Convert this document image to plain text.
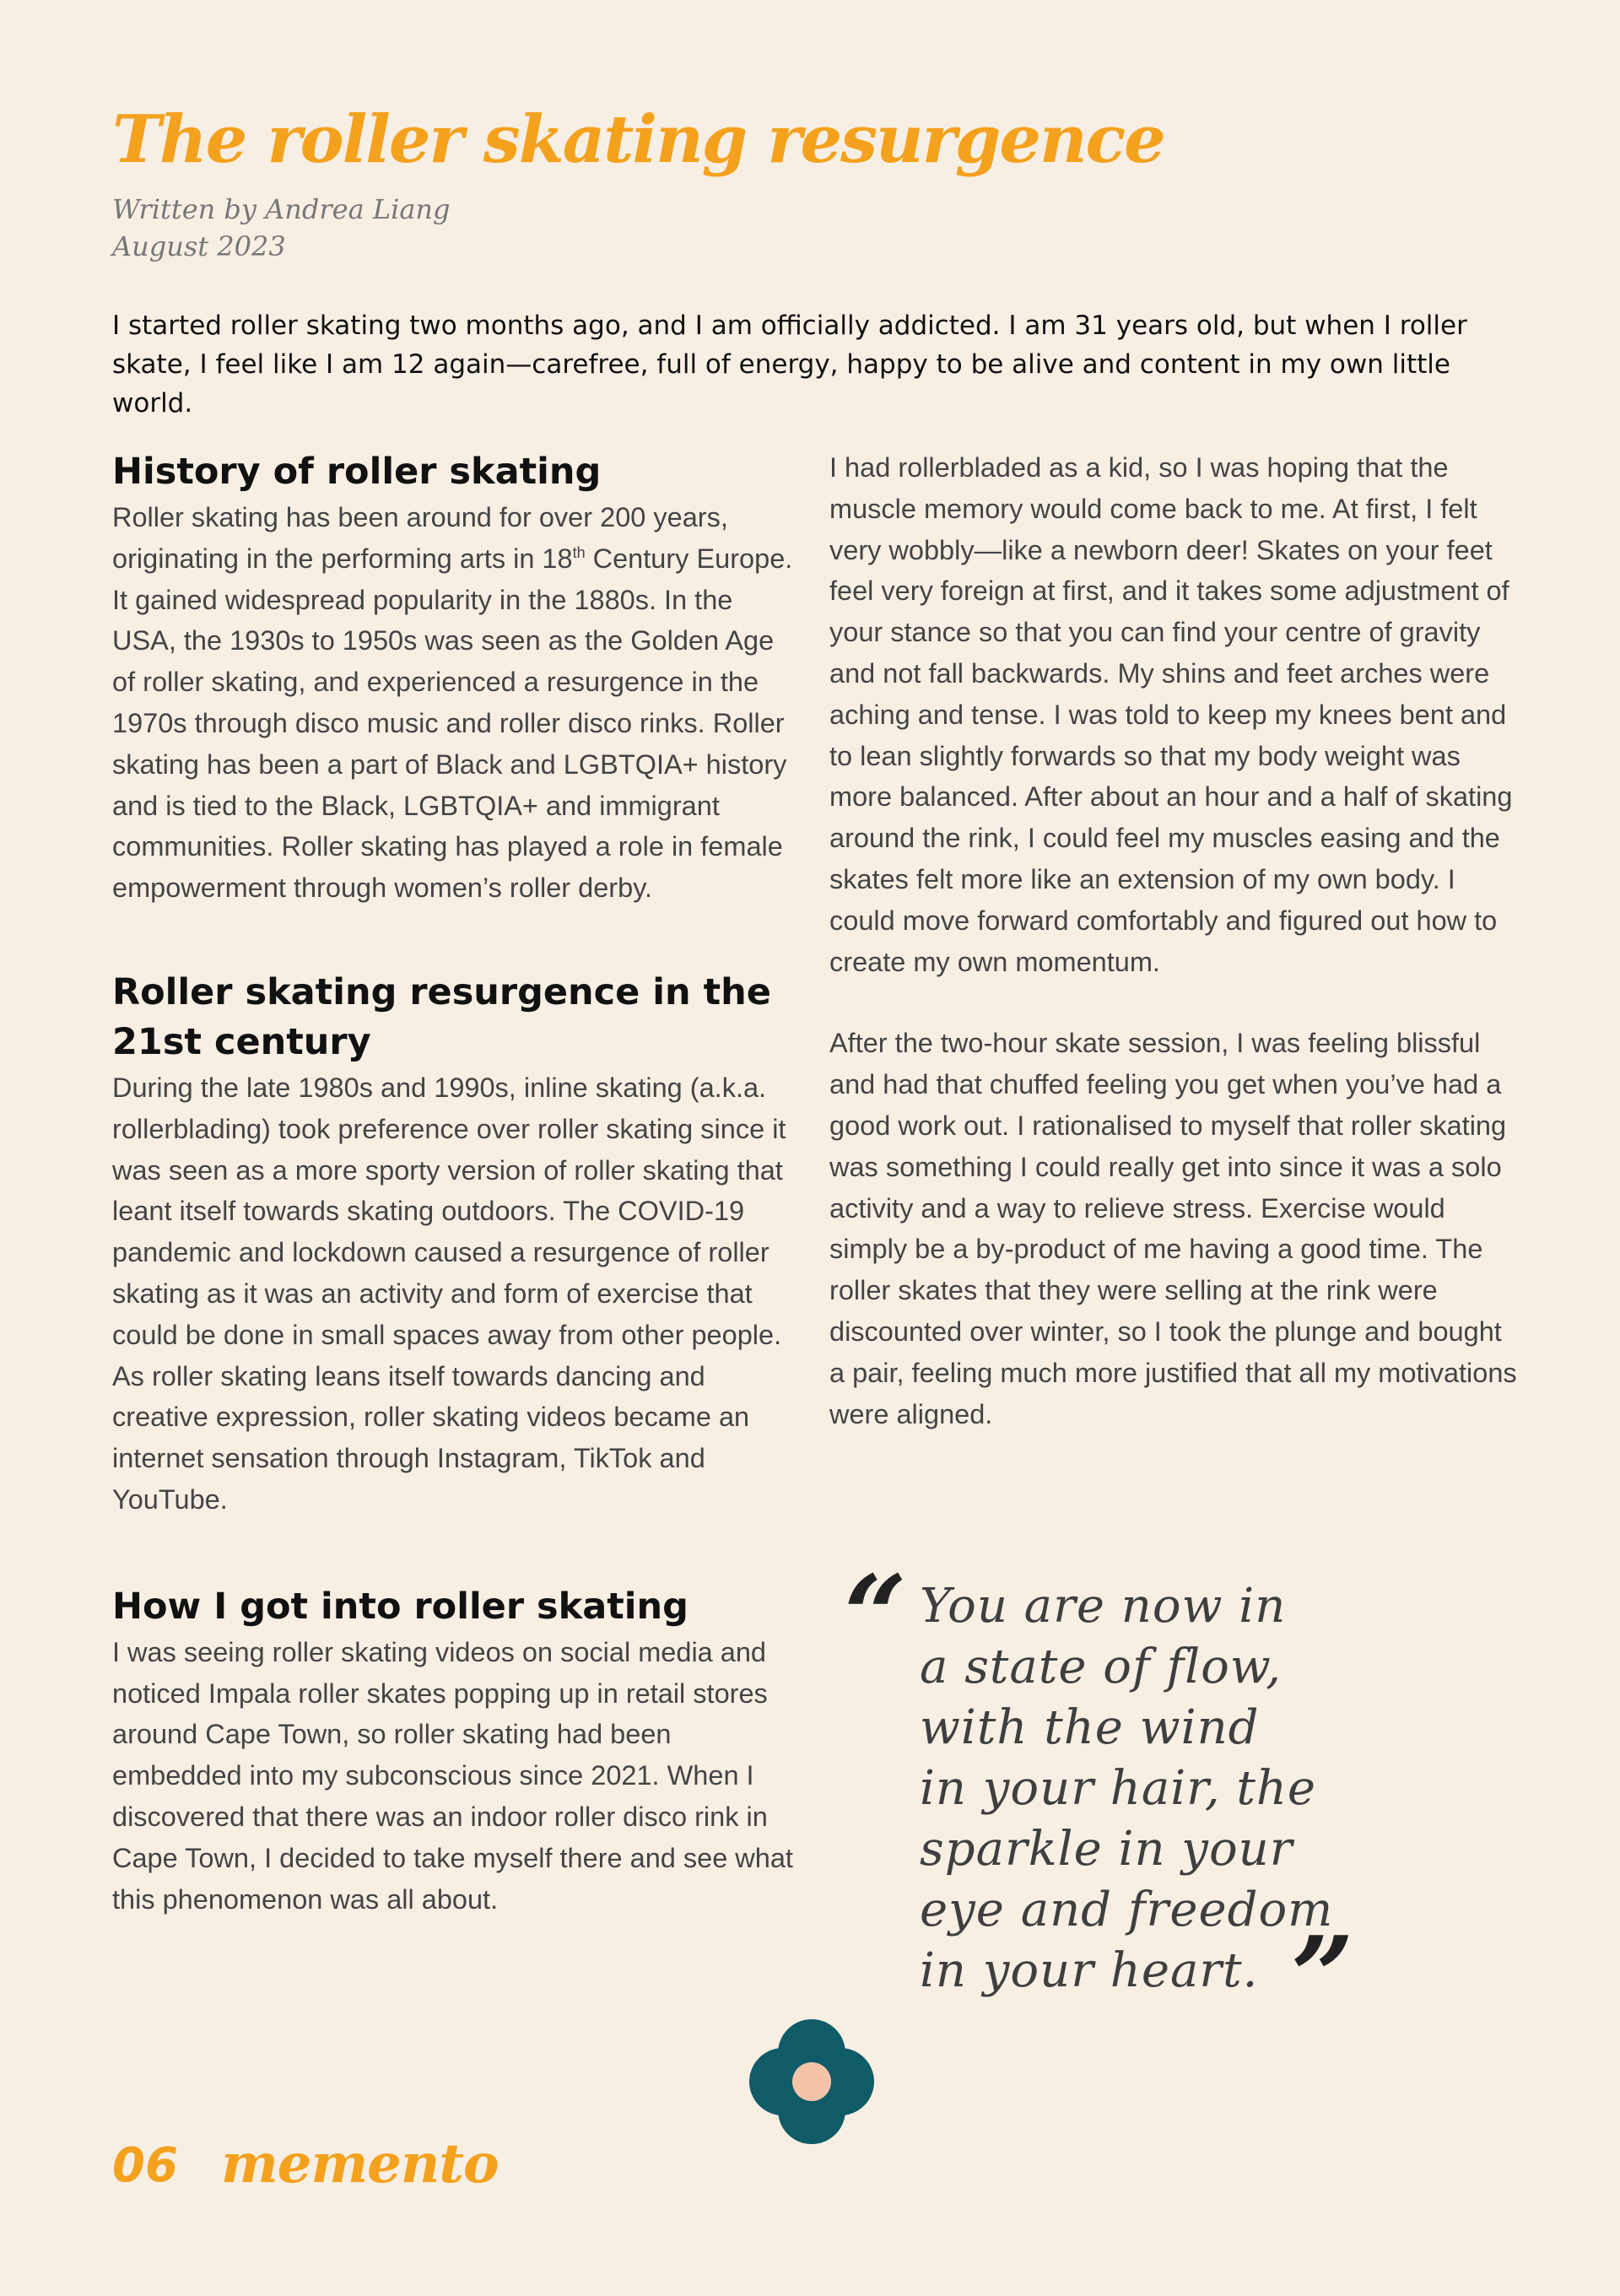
The roller skating resurgence
Written by Andrea Liang
August 2023

I started roller skating two months ago, and I am officially addicted. I am 31 years old, but when I roller skate, I feel like I am 12 again—carefree, full of energy, happy to be alive and content in my own little world.

History of roller skating

Roller skating has been around for over 200 years, originating in the performing arts in 18th Century Europe. It gained widespread popularity in the 1880s. In the USA, the 1930s to 1950s was seen as the Golden Age of roller skating, and experienced a resurgence in the 1970s through disco music and roller disco rinks. Roller skating has been a part of Black and LGBTQIA+ history and is tied to the Black, LGBTQIA+ and immigrant communities. Roller skating has played a role in female empowerment through women’s roller derby.

Roller skating resurgence in the 21st century

During the late 1980s and 1990s, inline skating (a.k.a. rollerblading) took preference over roller skating since it was seen as a more sporty version of roller skating that leant itself towards skating outdoors. The COVID-19 pandemic and lockdown caused a resurgence of roller skating as it was an activity and form of exercise that could be done in small spaces away from other people. As roller skating leans itself towards dancing and creative expression, roller skating videos became an internet sensation through Instagram, TikTok and YouTube.

How I got into roller skating

I was seeing roller skating videos on social media and noticed Impala roller skates popping up in retail stores around Cape Town, so roller skating had been embedded into my subconscious since 2021. When I discovered that there was an indoor roller disco rink in Cape Town, I decided to take myself there and see what this phenomenon was all about.

I had rollerbladed as a kid, so I was hoping that the muscle memory would come back to me. At first, I felt very wobbly—like a newborn deer! Skates on your feet feel very foreign at first, and it takes some adjustment of your stance so that you can find your centre of gravity and not fall backwards. My shins and feet arches were aching and tense. I was told to keep my knees bent and to lean slightly forwards so that my body weight was more balanced. After about an hour and a half of skating around the rink, I could feel my muscles easing and the skates felt more like an extension of my own body. I could move forward comfortably and figured out how to create my own momentum.

After the two-hour skate session, I was feeling blissful and had that chuffed feeling you get when you’ve had a good work out. I rationalised to myself that roller skating was something I could really get into since it was a solo activity and a way to relieve stress. Exercise would simply be a by-product of me having a good time. The roller skates that they were selling at the rink were discounted over winter, so I took the plunge and bought a pair, feeling much more justified that all my motivations were aligned.

“ You are now in
a state of flow,
with the wind
in your hair, the
sparkle in your
eye and freedom
in your heart. ”
06 memento
